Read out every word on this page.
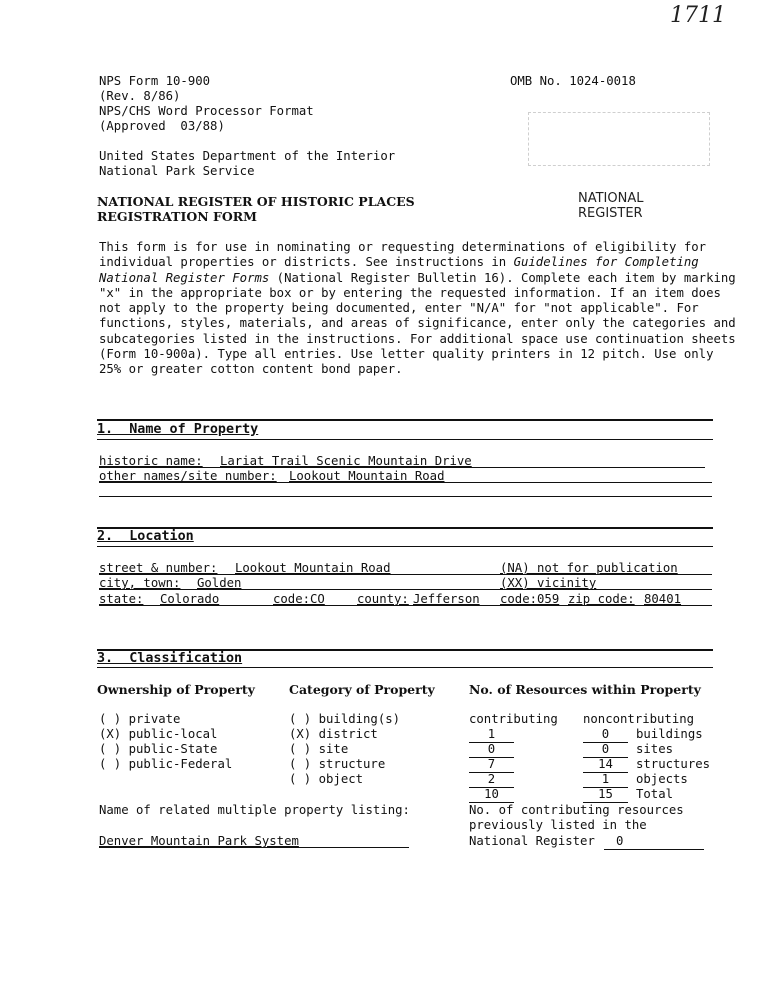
1711
NPS Form 10-900
(Rev. 8/86)
NPS/CHS Word Processor Format
(Approved  03/88)
OMB No. 1024-0018
United States Department of the Interior
National Park Service
NATIONAL REGISTER OF HISTORIC PLACES
REGISTRATION FORM
NATIONAL
REGISTER
This form is for use in nominating or requesting determinations of eligibility for individual properties or districts. See instructions in Guidelines for Completing National Register Forms (National Register Bulletin 16). Complete each item by marking "x" in the appropriate box or by entering the requested information. If an item does not apply to the property being documented, enter "N/A" for "not applicable". For functions, styles, materials, and areas of significance, enter only the categories and subcategories listed in the instructions. For additional space use continuation sheets (Form 10-900a). Type all entries. Use letter quality printers in 12 pitch. Use only 25% or greater cotton content bond paper.
1.  Name of Property
historic name: Lariat Trail Scenic Mountain Drive
other names/site number: Lookout Mountain Road
2.  Location
street & number: Lookout Mountain Road	(NA) not for publication
city, town: Golden	(XX) vicinity
state: Colorado	code: CO	county: Jefferson code:059 zip code: 80401
3.  Classification
Ownership of Property	Category of Property	No. of Resources within Property
( ) private
(X) public-local
( ) public-State
( ) public-Federal
( ) building(s)
(X) district
( ) site
( ) structure
( ) object
contributing noncontributing
1	0	buildings
0	0	sites
7	14	structures
2	1	objects
10	15	Total
Name of related multiple property listing:
Denver Mountain Park System
No. of contributing resources
previously listed in the
National Register	0
